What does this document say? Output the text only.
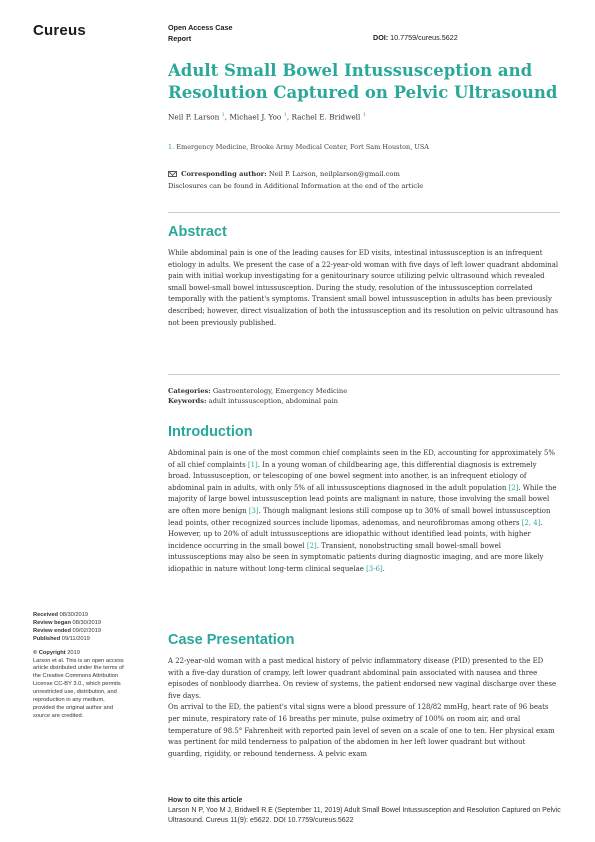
Cureus	Open Access Case
Report	DOI: 10.7759/cureus.5622
Adult Small Bowel Intussusception and
Resolution Captured on Pelvic Ultrasound
Neil P. Larson $^1$, Michael J. Yoo $^1$, Rachel E. Bridwell $^1$
1. Emergency Medicine, Brooke Army Medical Center, Fort Sam Houston, USA
Corresponding author: Neil P. Larson, neilplarson@gmail.com
Disclosures can be found in Additional Information at the end of the article
Abstract

While abdominal pain is one of the leading causes for ED visits, intestinal intussusception is an infrequent etiology in adults. We present the case of a 22-year-old woman with five days of left lower quadrant abdominal pain with initial workup investigating for a genitourinary source utilizing pelvic ultrasound which revealed small bowel-small bowel intussusception. During the study, resolution of the intussusception correlated temporally with the patient's symptoms. Transient small bowel intussusception in adults has been previously described; however, direct visualization of both the intussusception and its resolution on pelvic ultrasound has not been previously published.

Categories: Gastroenterology, Emergency Medicine
Keywords: adult intussusception, abdominal pain
Introduction

Abdominal pain is one of the most common chief complaints seen in the ED, accounting for approximately 5% of all chief complaints [1]. In a young woman of childbearing age, this differential diagnosis is extremely broad. Intussusception, or telescoping of one bowel segment into another, is an infrequent etiology of abdominal pain in adults, with only 5% of all intussusceptions diagnosed in the adult population [2]. While the majority of large bowel intussusception lead points are malignant in nature, those involving the small bowel are often more benign [3]. Though malignant lesions still compose up to 30% of small bowel intussusception lead points, other recognized sources include lipomas, adenomas, and neurofibromas among others [2, 4]. However, up to 20% of adult intussusceptions are idiopathic without identified lead points, with higher incidence occurring in the small bowel [2]. Transient, nonobstructing small bowel-small bowel intussusceptions may also be seen in symptomatic patients during diagnostic imaging, and are more likely idiopathic in nature without long-term clinical sequelae [3-6].

Case Presentation

A 22-year-old woman with a past medical history of pelvic inflammatory disease (PID) presented to the ED with a five-day duration of crampy, left lower quadrant abdominal pain associated with nausea and three episodes of nonbloody diarrhea. On review of systems, the patient endorsed new vaginal discharge over these five days.

On arrival to the ED, the patient's vital signs were a blood pressure of 128/82 mmHg, heart rate of 96 beats per minute, respiratory rate of 16 breaths per minute, pulse oximetry of 100% on room air, and oral temperature of 98.5° Fahrenheit with reported pain level of seven on a scale of one to ten. Her physical exam was pertinent for mild tenderness to palpation of the abdomen in her left lower quadrant but without guarding, rigidity, or rebound tenderness. A pelvic exam

Received 08/30/2019
Review began 08/30/2019
Review ended 09/02/2019
Published 09/11/2019
© Copyright 2019
Larson et al. This is an open access article distributed under the terms of the Creative Commons Attribution License CC-BY 3.0., which permits unrestricted use, distribution, and reproduction in any medium, provided the original author and source are credited.
How to cite this article
Larson N P, Yoo M J, Bridwell R E (September 11, 2019) Adult Small Bowel Intussusception and Resolution Captured on Pelvic Ultrasound. Cureus 11(9): e5622. DOI 10.7759/cureus.5622
